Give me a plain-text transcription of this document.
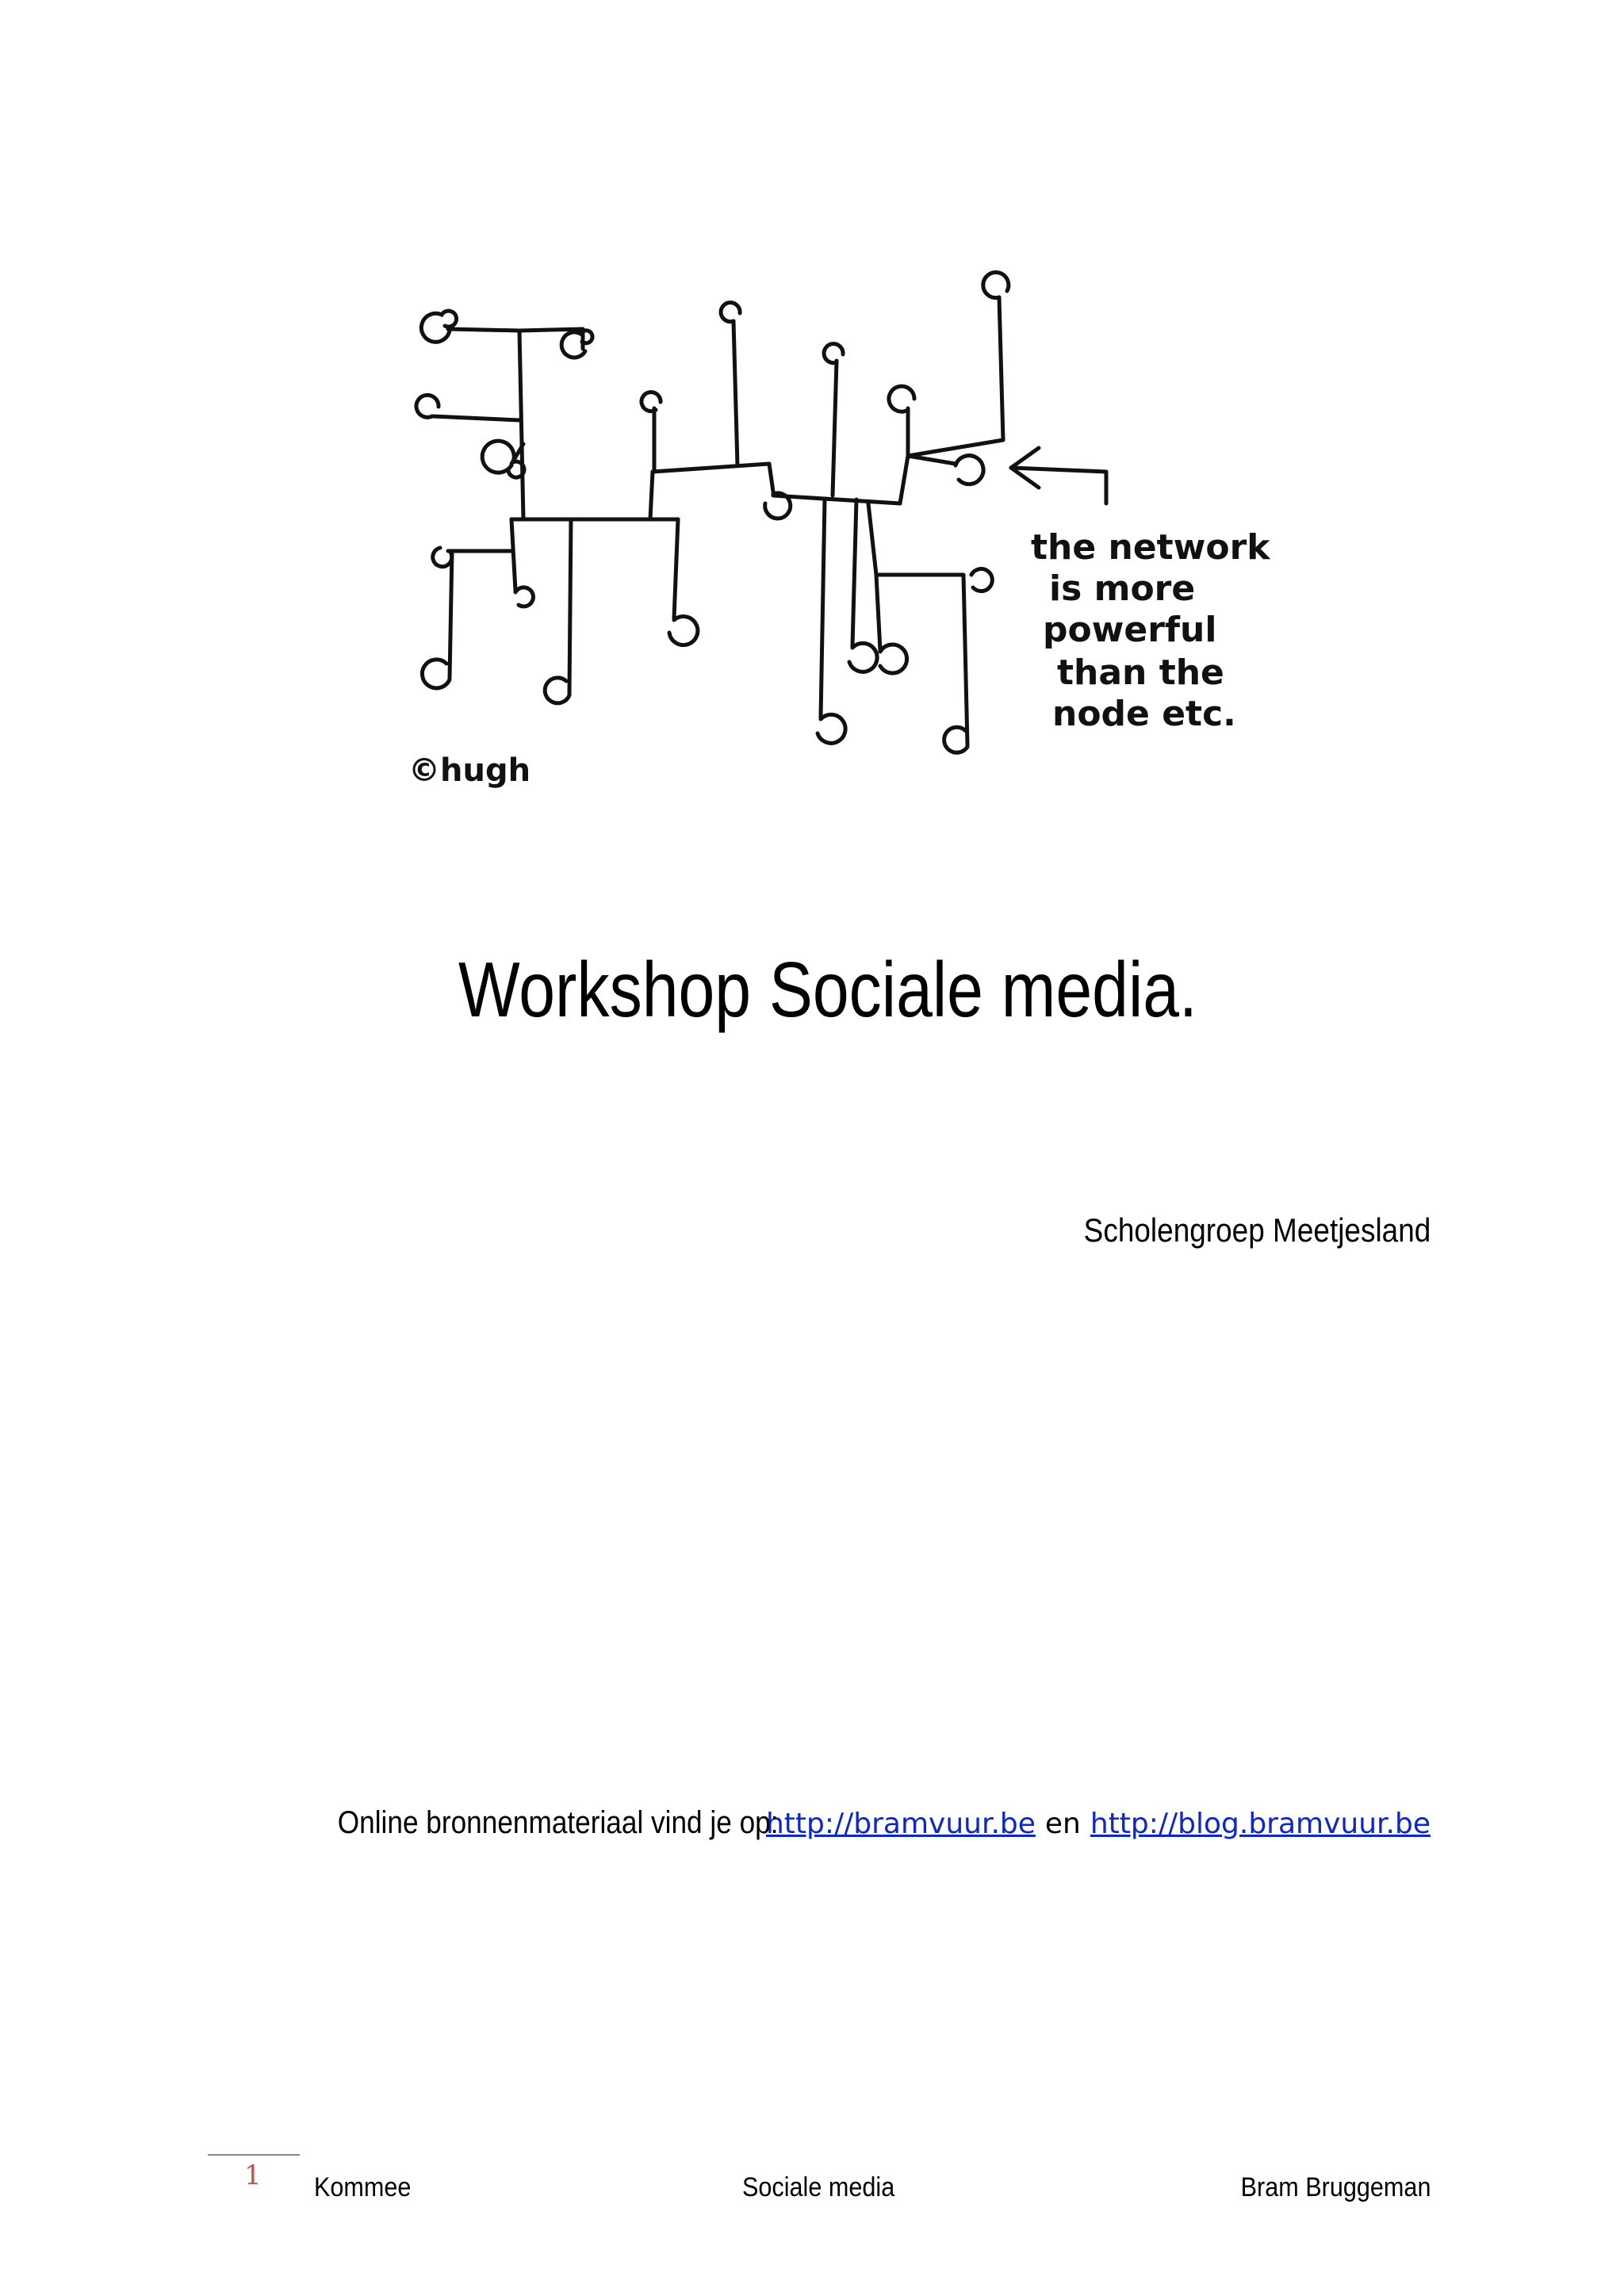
the network
is more
powerful
than the
node etc.
©hugh
Workshop Sociale media.
Scholengroep Meetjesland
Online bronnenmateriaal vind je op:
http://bramvuur.be en http://blog.bramvuur.be
1 Kommee	Sociale media	Bram Bruggeman
